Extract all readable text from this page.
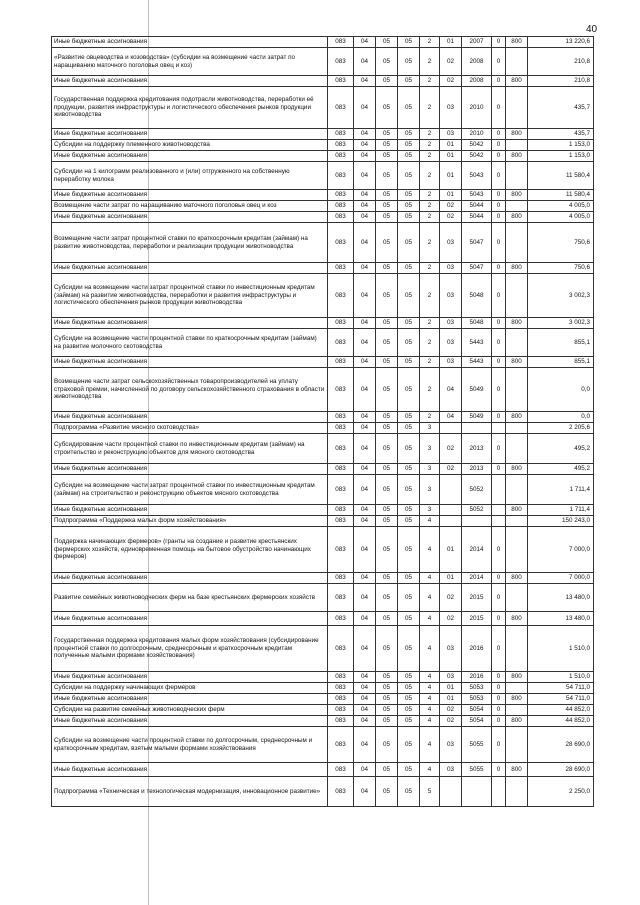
40
Иные бюджетные ассигнования	083	04	05	05	2	01	2007	0	800	13 220,6
«Развитие овцеводства и козоводства» (субсидии на возмещение части затрат по наращиванию маточного поголовья овец и коз)	083	04	05	05	2	02	2008	0		210,8
Иные бюджетные ассигнования	083	04	05	05	2	02	2008	0	800	210,8
Государственная поддержка кредитования подотрасли животноводства, переработки её продукции, развития инфраструктуры и логистического обеспечения рынков продукции животноводства	083	04	05	05	2	03	2010	0		435,7
Иные бюджетные ассигнования	083	04	05	05	2	03	2010	0	800	435,7
Субсидии на поддержку племенного животноводства	083	04	05	05	2	01	5042	0		1 153,0
Иные бюджетные ассигнования	083	04	05	05	2	01	5042	0	800	1 153,0
Субсидии на 1 килограмм реализованного и (или) отгруженного на собственную переработку молока	083	04	05	05	2	01	5043	0		11 580,4
Иные бюджетные ассигнования	083	04	05	05	2	01	5043	0	800	11 580,4
Возмещение части затрат по наращиванию маточного поголовья овец и коз	083	04	05	05	2	02	5044	0		4 005,0
Иные бюджетные ассигнования	083	04	05	05	2	02	5044	0	800	4 005,0
Возмещение части затрат процентной ставки по краткосрочным кредитам (займам) на развитие животноводства, переработки и реализации продукции животноводства	083	04	05	05	2	03	5047	0		750,6
Иные бюджетные ассигнования	083	04	05	05	2	03	5047	0	800	750,6
Субсидии на возмещение части затрат процентной ставки по инвестиционным кредитам (займам) на развитие животноводства, переработки и развития инфраструктуры и логистического обеспечения рынков продукции животноводства	083	04	05	05	2	03	5048	0		3 002,3
Иные бюджетные ассигнования	083	04	05	05	2	03	5048	0	800	3 002,3
Субсидии на возмещение части процентной ставки по краткосрочным кредитам (займам) на развитие молочного скотоводства	083	04	05	05	2	03	5443	0		855,1
Иные бюджетные ассигнования	083	04	05	05	2	03	5443	0	800	855,1
Возмещение части затрат сельскохозяйственных товаропроизводителей на уплату страховой премии, начисленной по договору сельскохозяйственного страхования в области животноводства	083	04	05	05	2	04	5049	0		0,0
Иные бюджетные ассигнования	083	04	05	05	2	04	5049	0	800	0,0
Подпрограмма «Развитие мясного скотоводства»	083	04	05	05	3					2 205,6
Субсидирование части процентной ставки по инвестиционным кредитам (займам) на строительство и реконструкцию объектов для мясного скотоводства	083	04	05	05	3	02	2013	0		495,2
Иные бюджетные ассигнования	083	04	05	05	3	02	2013	0	800	495,2
Субсидии на возмещение части затрат процентной ставки по инвестиционным кредитам (займам) на строительство и реконструкцию объектов мясного скотоводства	083	04	05	05	3		5052			1 711,4
Иные бюджетные ассигнования	083	04	05	05	3		5052		800	1 711,4
Подпрограмма «Поддержка малых форм хозяйствования»	083	04	05	05	4					150 243,0
Поддержка начинающих фермеров» (гранты на создание и развитие крестьянских фермерских хозяйств, единовременная помощь на бытовое обустройство начинающих фермеров)	083	04	05	05	4	01	2014	0		7 000,0
Иные бюджетные ассигнования	083	04	05	05	4	01	2014	0	800	7 000,0
Развитие семейных животноводческих ферм на базе крестьянских фермерских хозяйств	083	04	05	05	4	02	2015	0		13 480,0
Иные бюджетные ассигнования	083	04	05	05	4	02	2015	0	800	13 480,0
Государственная поддержка кредитования малых форм хозяйствования (субсидирование процентной ставки по долгосрочным, среднесрочным и краткосрочным кредитам полученные малыми формами хозяйствования)	083	04	05	05	4	03	2016	0		1 510,0
Иные бюджетные ассигнования	083	04	05	05	4	03	2016	0	800	1 510,0
Субсидии на поддержку начинающих фермеров	083	04	05	05	4	01	5053	0		54 711,0
Иные бюджетные ассигнования	083	04	05	05	4	01	5053	0	800	54 711,0
Субсидии на развитие семейных животноводческих ферм	083	04	05	05	4	02	5054	0		44 852,0
Иные бюджетные ассигнования	083	04	05	05	4	02	5054	0	800	44 852,0
Субсидии на возмещение части процентной ставки по долгосрочным, среднесрочным и краткосрочным кредитам, взятым малыми формами хозяйствования	083	04	05	05	4	03	5055	0		28 690,0
Иные бюджетные ассигнования	083	04	05	05	4	03	5055	0	800	28 690,0
Подпрограмма «Техническая и технологическая модернизация, инновационное развитие»	083	04	05	05	5					2 250,0
